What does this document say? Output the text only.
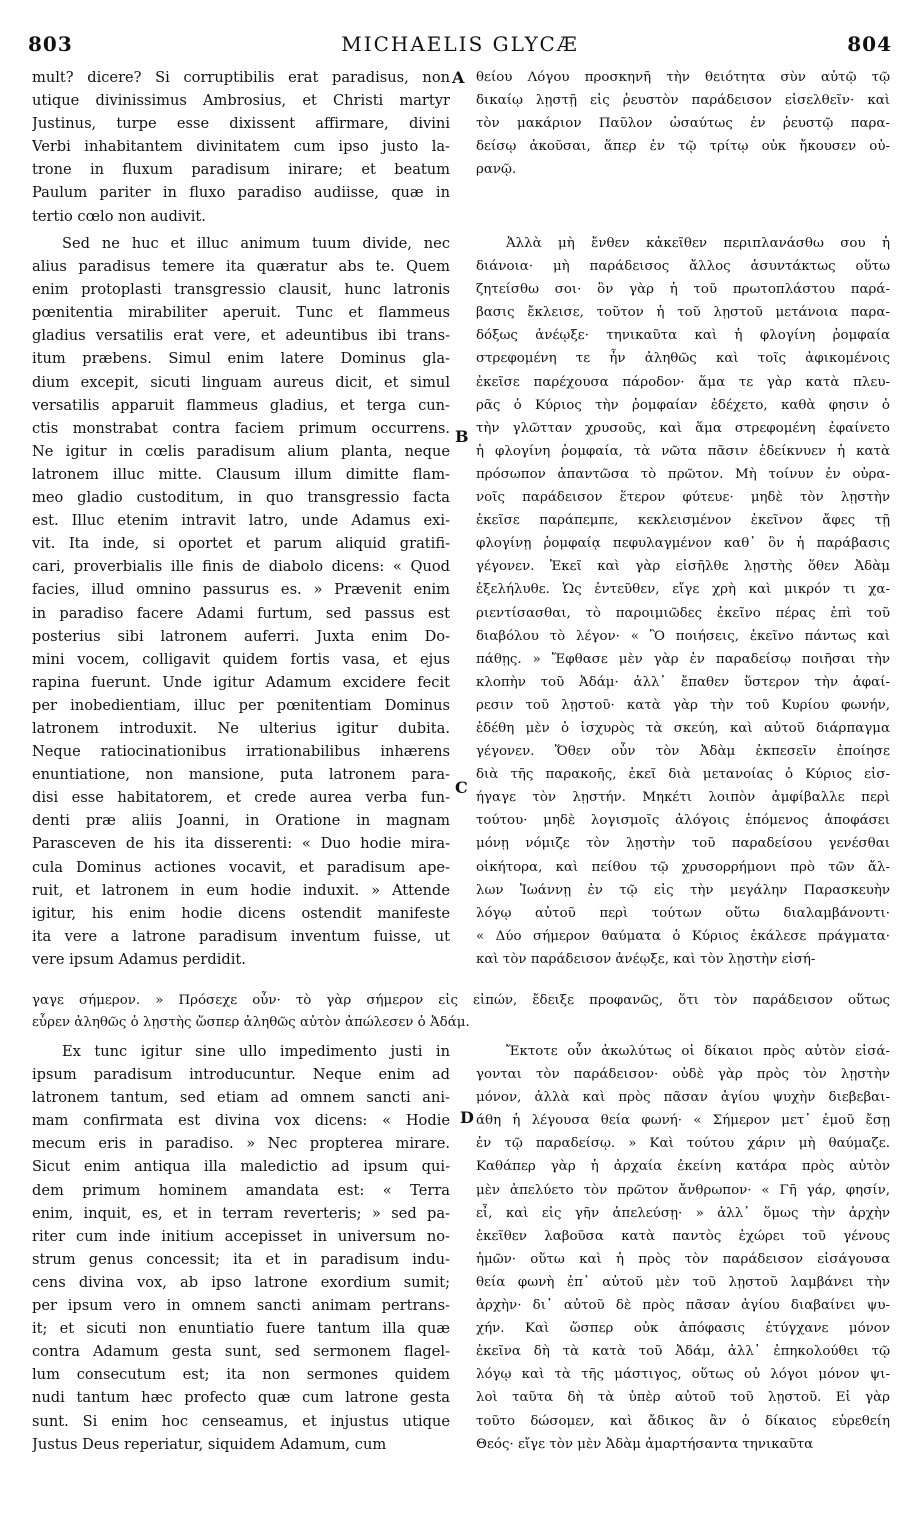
803	MICHAELIS GLYCÆ	804
mult? dicere? Si corruptibilis erat paradisus, non
utique divinissimus Ambrosius, et Christi martyr
Justinus, turpe esse dixissent affirmare, divini
Verbi inhabitantem divinitatem cum ipso justo la-
trone in fluxum paradisum inirare; et beatum
Paulum pariter in fluxo paradiso audiisse, quæ in
tertio cœlo non audivit.
Sed ne huc et illuc animum tuum divide, nec
alius paradisus temere ita quæratur abs te. Quem
enim protoplasti transgressio clausit, hunc latronis
pœnitentia mirabiliter aperuit. Tunc et flammeus
gladius versatilis erat vere, et adeuntibus ibi trans-
itum præbens. Simul enim latere Dominus gla-
dium excepit, sicuti linguam aureus dicit, et simul
versatilis apparuit flammeus gladius, et terga cun-
ctis monstrabat contra faciem primum occurrens.
Ne igitur in cœlis paradisum alium planta, neque
latronem illuc mitte. Clausum illum dimitte flam-
meo gladio custoditum, in quo transgressio facta
est. Illuc etenim intravit latro, unde Adamus exi-
vit. Ita inde, si oportet et parum aliquid gratifi-
cari, proverbialis ille finis de diabolo dicens: « Quod
facies, illud omnino passurus es. » Prævenit enim
in paradiso facere Adami furtum, sed passus est
posterius sibi latronem auferri. Juxta enim Do-
mini vocem, colligavit quidem fortis vasa, et ejus
rapina fuerunt. Unde igitur Adamum excidere fecit
per inobedientiam, illuc per pœnitentiam Dominus
latronem introduxit. Ne ulterius igitur dubita.
Neque ratiocinationibus irrationabilibus inhærens
enuntiatione, non mansione, puta latronem para-
disi esse habitatorem, et crede aurea verba fun-
denti præ aliis Joanni, in Oratione in magnam
Parasceven de his ita disserenti: « Duo hodie mira-
cula Dominus actiones vocavit, et paradisum ape-
ruit, et latronem in eum hodie induxit. » Attende
igitur, his enim hodie dicens ostendit manifeste
ita vere a latrone paradisum inventum fuisse, ut
vere ipsum Adamus perdidit.
Ex tunc igitur sine ullo impedimento justi in
ipsum paradisum introducuntur. Neque enim ad
latronem tantum, sed etiam ad omnem sancti ani-
mam confirmata est divina vox dicens: « Hodie
mecum eris in paradiso. » Nec propterea mirare.
Sicut enim antiqua illa maledictio ad ipsum qui-
dem primum hominem amandata est: « Terra
enim, inquit, es, et in terram reverteris; » sed pa-
riter cum inde initium accepisset in universum no-
strum genus concessit; ita et in paradisum indu-
cens divina vox, ab ipso latrone exordium sumit;
per ipsum vero in omnem sancti animam pertrans-
it; et sicuti non enuntiatio fuere tantum illa quæ
contra Adamum gesta sunt, sed sermonem flagel-
lum consecutum est; ita non sermones quidem
nudi tantum hæc profecto quæ cum latrone gesta
sunt. Si enim hoc censeamus, et injustus utique
Justus Deus reperiatur, siquidem Adamum, cum
θείου Λόγου προσκηνῆ τὴν θειότητα σὺν αὐτῷ τῷ
δικαίῳ λῃστῇ εἰς ῥευστὸν παράδεισον εἰσελθεῖν· καὶ
τὸν μακάριον Παῦλον ὡσαύτως ἐν ῥευστῷ παρα-
δείσῳ ἀκοῦσαι, ἅπερ ἐν τῷ τρίτῳ οὐκ ἤκουσεν οὐ-
ρανῷ.
Ἀλλὰ μὴ ἔνθεν κἀκεῖθεν περιπλανάσθω σου ἡ
διάνοια· μὴ παράδεισος ἄλλος ἀσυντάκτως οὕτω
ζητείσθω σοι· ὃν γὰρ ἡ τοῦ πρωτοπλάστου παρά-
βασις ἔκλεισε, τοῦτον ἡ τοῦ λῃστοῦ μετάνοια παρα-
δόξως ἀνέῳξε· τηνικαῦτα καὶ ἡ φλογίνη ῥομφαία
στρεφομένη τε ἦν ἀληθῶς καὶ τοῖς ἀφικομένοις
ἐκεῖσε παρέχουσα πάροδον· ἅμα τε γὰρ κατὰ πλευ-
ρᾶς ὁ Κύριος τὴν ῥομφαίαν ἐδέχετο, καθὰ φησιν ὁ
τὴν γλῶτταν χρυσοῦς, καὶ ἅμα στρεφομένη ἐφαίνετο
ἡ φλογίνη ῥομφαία, τὰ νῶτα πᾶσιν ἐδείκνυεν ἡ κατὰ
πρόσωπον ἀπαντῶσα τὸ πρῶτον. Μὴ τοίνυν ἐν οὐρα-
νοῖς παράδεισον ἕτερον φύτευε· μηδὲ τὸν λῃστὴν
ἐκεῖσε παράπεμπε, κεκλεισμένον ἐκεῖνον ἄφες τῇ
φλογίνῃ ῥομφαίᾳ πεφυλαγμένον καθ᾽ ὃν ἡ παράβασις
γέγονεν. Ἐκεῖ καὶ γὰρ εἰσῆλθε λῃστὴς ὅθεν Ἀδὰμ
ἐξελήλυθε. Ὡς ἐντεῦθεν, εἴγε χρὴ καὶ μικρόν τι χα-
ριεντίσασθαι, τὸ παροιμιῶδες ἐκεῖνο πέρας ἐπὶ τοῦ
διαβόλου τὸ λέγον· « Ὃ ποιήσεις, ἐκεῖνο πάντως καὶ
πάθῃς. » Ἔφθασε μὲν γὰρ ἐν παραδείσῳ ποιῆσαι τὴν
κλοπὴν τοῦ Ἀδάμ· ἀλλ᾽ ἔπαθεν ὕστερον τὴν ἀφαί-
ρεσιν τοῦ λῃστοῦ· κατὰ γὰρ τὴν τοῦ Κυρίου φωνήν,
ἐδέθη μὲν ὁ ἰσχυρὸς τὰ σκεύη, καὶ αὐτοῦ διάρπαγμα
γέγονεν. Ὅθεν οὖν τὸν Ἀδὰμ ἐκπεσεῖν ἐποίησε
διὰ τῆς παρακοῆς, ἐκεῖ διὰ μετανοίας ὁ Κύριος εἰσ-
ήγαγε τὸν λῃστήν. Μηκέτι λοιπὸν ἀμφίβαλλε περὶ
τούτου· μηδὲ λογισμοῖς ἀλόγοις ἑπόμενος ἀποφάσει
μόνῃ νόμιζε τὸν λῃστὴν τοῦ παραδείσου γενέσθαι
οἰκήτορα, καὶ πείθου τῷ χρυσορρήμονι πρὸ τῶν ἄλ-
λων Ἰωάννῃ ἐν τῷ εἰς τὴν μεγάλην Παρασκευὴν
λόγῳ αὐτοῦ περὶ τούτων οὕτω διαλαμβάνοντι·
« Δύο σήμερον θαύματα ὁ Κύριος ἐκάλεσε πράγματα·
καὶ τὸν παράδεισον ἀνέῳξε, καὶ τὸν λῃστὴν εἰσή-
Ἔκτοτε οὖν ἀκωλύτως οἱ δίκαιοι πρὸς αὐτὸν εἰσά-
γονται τὸν παράδεισον· οὐδὲ γὰρ πρὸς τὸν λῃστὴν
μόνον, ἀλλὰ καὶ πρὸς πᾶσαν ἁγίου ψυχὴν διεβεβαι-
άθη ἡ λέγουσα θεία φωνή· « Σήμερον μετ᾽ ἐμοῦ ἔσῃ
ἐν τῷ παραδείσῳ. » Καὶ τούτου χάριν μὴ θαύμαζε.
Καθάπερ γὰρ ἡ ἀρχαία ἐκείνη κατάρα πρὸς αὐτὸν
μὲν ἀπελύετο τὸν πρῶτον ἄνθρωπον· « Γῆ γάρ, φησίν,
εἶ, καὶ εἰς γῆν ἀπελεύσῃ· » ἀλλ᾽ ὅμως τὴν ἀρχὴν
ἐκεῖθεν λαβοῦσα κατὰ παντὸς ἐχώρει τοῦ γένους
ἡμῶν· οὕτω καὶ ἡ πρὸς τὸν παράδεισον εἰσάγουσα
θεία φωνὴ ἐπ᾽ αὐτοῦ μὲν τοῦ λῃστοῦ λαμβάνει τὴν
ἀρχὴν· δι᾽ αὐτοῦ δὲ πρὸς πᾶσαν ἁγίου διαβαίνει ψυ-
χήν. Καὶ ὥσπερ οὐκ ἀπόφασις ἐτύγχανε μόνον
ἐκεῖνα δὴ τὰ κατὰ τοῦ Ἀδάμ, ἀλλ᾽ ἐπηκολούθει τῷ
λόγῳ καὶ τὰ τῆς μάστιγος, οὕτως οὐ λόγοι μόνον ψι-
λοὶ ταῦτα δὴ τὰ ὑπὲρ αὐτοῦ τοῦ λῃστοῦ. Εἰ γὰρ
τοῦτο δώσομεν, καὶ ἄδικος ἂν ὁ δίκαιος εὑρεθείη
Θεός· εἴγε τὸν μὲν Ἀδὰμ ἁμαρτήσαντα τηνικαῦτα
γαγε σήμερον. » Πρόσεχε οὖν· τὸ γὰρ σήμερον εἰς εἰπών, ἔδειξε προφανῶς, ὅτι τὸν παράδεισον οὕτως
εὗρεν ἀληθῶς ὁ λῃστὴς ὥσπερ ἀληθῶς αὐτὸν ἀπώλεσεν ὁ Ἀδάμ.
A
B
C
D
